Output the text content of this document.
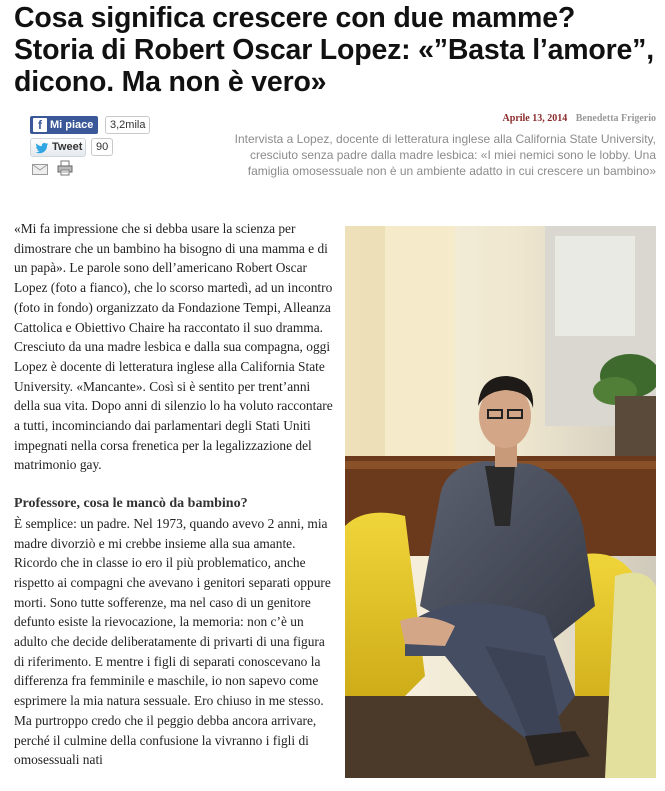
Cosa significa crescere con due mamme? Storia di Robert Oscar Lopez: «”Basta l’amore”, dicono. Ma non è vero»
f Mi piace	3,2mila
Tweet	90
Aprile 13, 2014 Benedetta Frigerio
Intervista a Lopez, docente di letteratura inglese alla California State University, cresciuto senza padre dalla madre lesbica: «I miei nemici sono le lobby. Una famiglia omosessuale non è un ambiente adatto in cui crescere un bambino»

«Mi fa impressione che si debba usare la scienza per dimostrare che un bambino ha bisogno di una mamma e di un papà». Le parole sono dell’americano Robert Oscar Lopez (foto a fianco), che lo scorso martedì, ad un incontro (foto in fondo) organizzato da Fondazione Tempi, Alleanza Cattolica e Obiettivo Chaire ha raccontato il suo dramma. Cresciuto da una madre lesbica e dalla sua compagna, oggi Lopez è docente di letteratura inglese alla California State University. «Mancante». Così si è sentito per trent’anni della sua vita. Dopo anni di silenzio lo ha voluto raccontare a tutti, incominciando dai parlamentari degli Stati Uniti impegnati nella corsa frenetica per la legalizzazione del matrimonio gay.

Professore, cosa le mancò da bambino?

È semplice: un padre. Nel 1973, quando avevo 2 anni, mia madre divorziò e mi crebbe insieme alla sua amante. Ricordo che in classe io ero il più problematico, anche rispetto ai compagni che avevano i genitori separati oppure morti. Sono tutte sofferenze, ma nel caso di un genitore defunto esiste la rievocazione, la memoria: non c’è un adulto che decide deliberatamente di privarti di una figura di riferimento. E mentre i figli di separati conoscevano la differenza fra femminile e maschile, io non sapevo come esprimere la mia natura sessuale. Ero chiuso in me stesso. Ma purtroppo credo che il peggio debba ancora arrivare, perché il culmine della confusione la vivranno i figli di omosessuali nati
